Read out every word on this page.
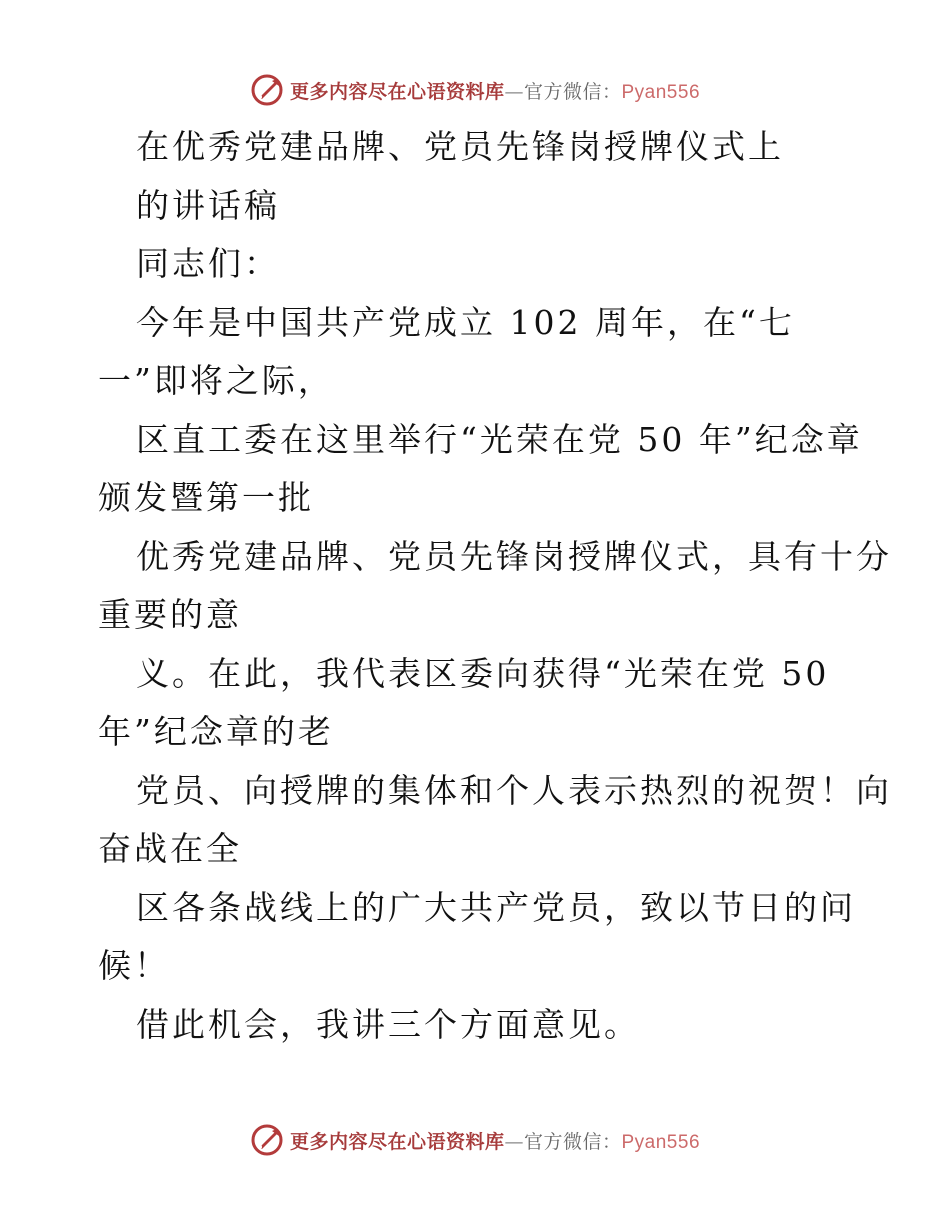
更多内容尽在心语资料库—官方微信：Pyan556
在优秀党建品牌、党员先锋岗授牌仪式上
的讲话稿
同志们：
今年是中国共产党成立 102 周年，在“七
一”即将之际，
区直工委在这里举行“光荣在党 50 年”纪念章
颁发暨第一批
优秀党建品牌、党员先锋岗授牌仪式，具有十分
重要的意
义。在此，我代表区委向获得“光荣在党 50
年”纪念章的老
党员、向授牌的集体和个人表示热烈的祝贺！向
奋战在全
区各条战线上的广大共产党员，致以节日的问
候！
借此机会，我讲三个方面意见。
更多内容尽在心语资料库—官方微信：Pyan556
